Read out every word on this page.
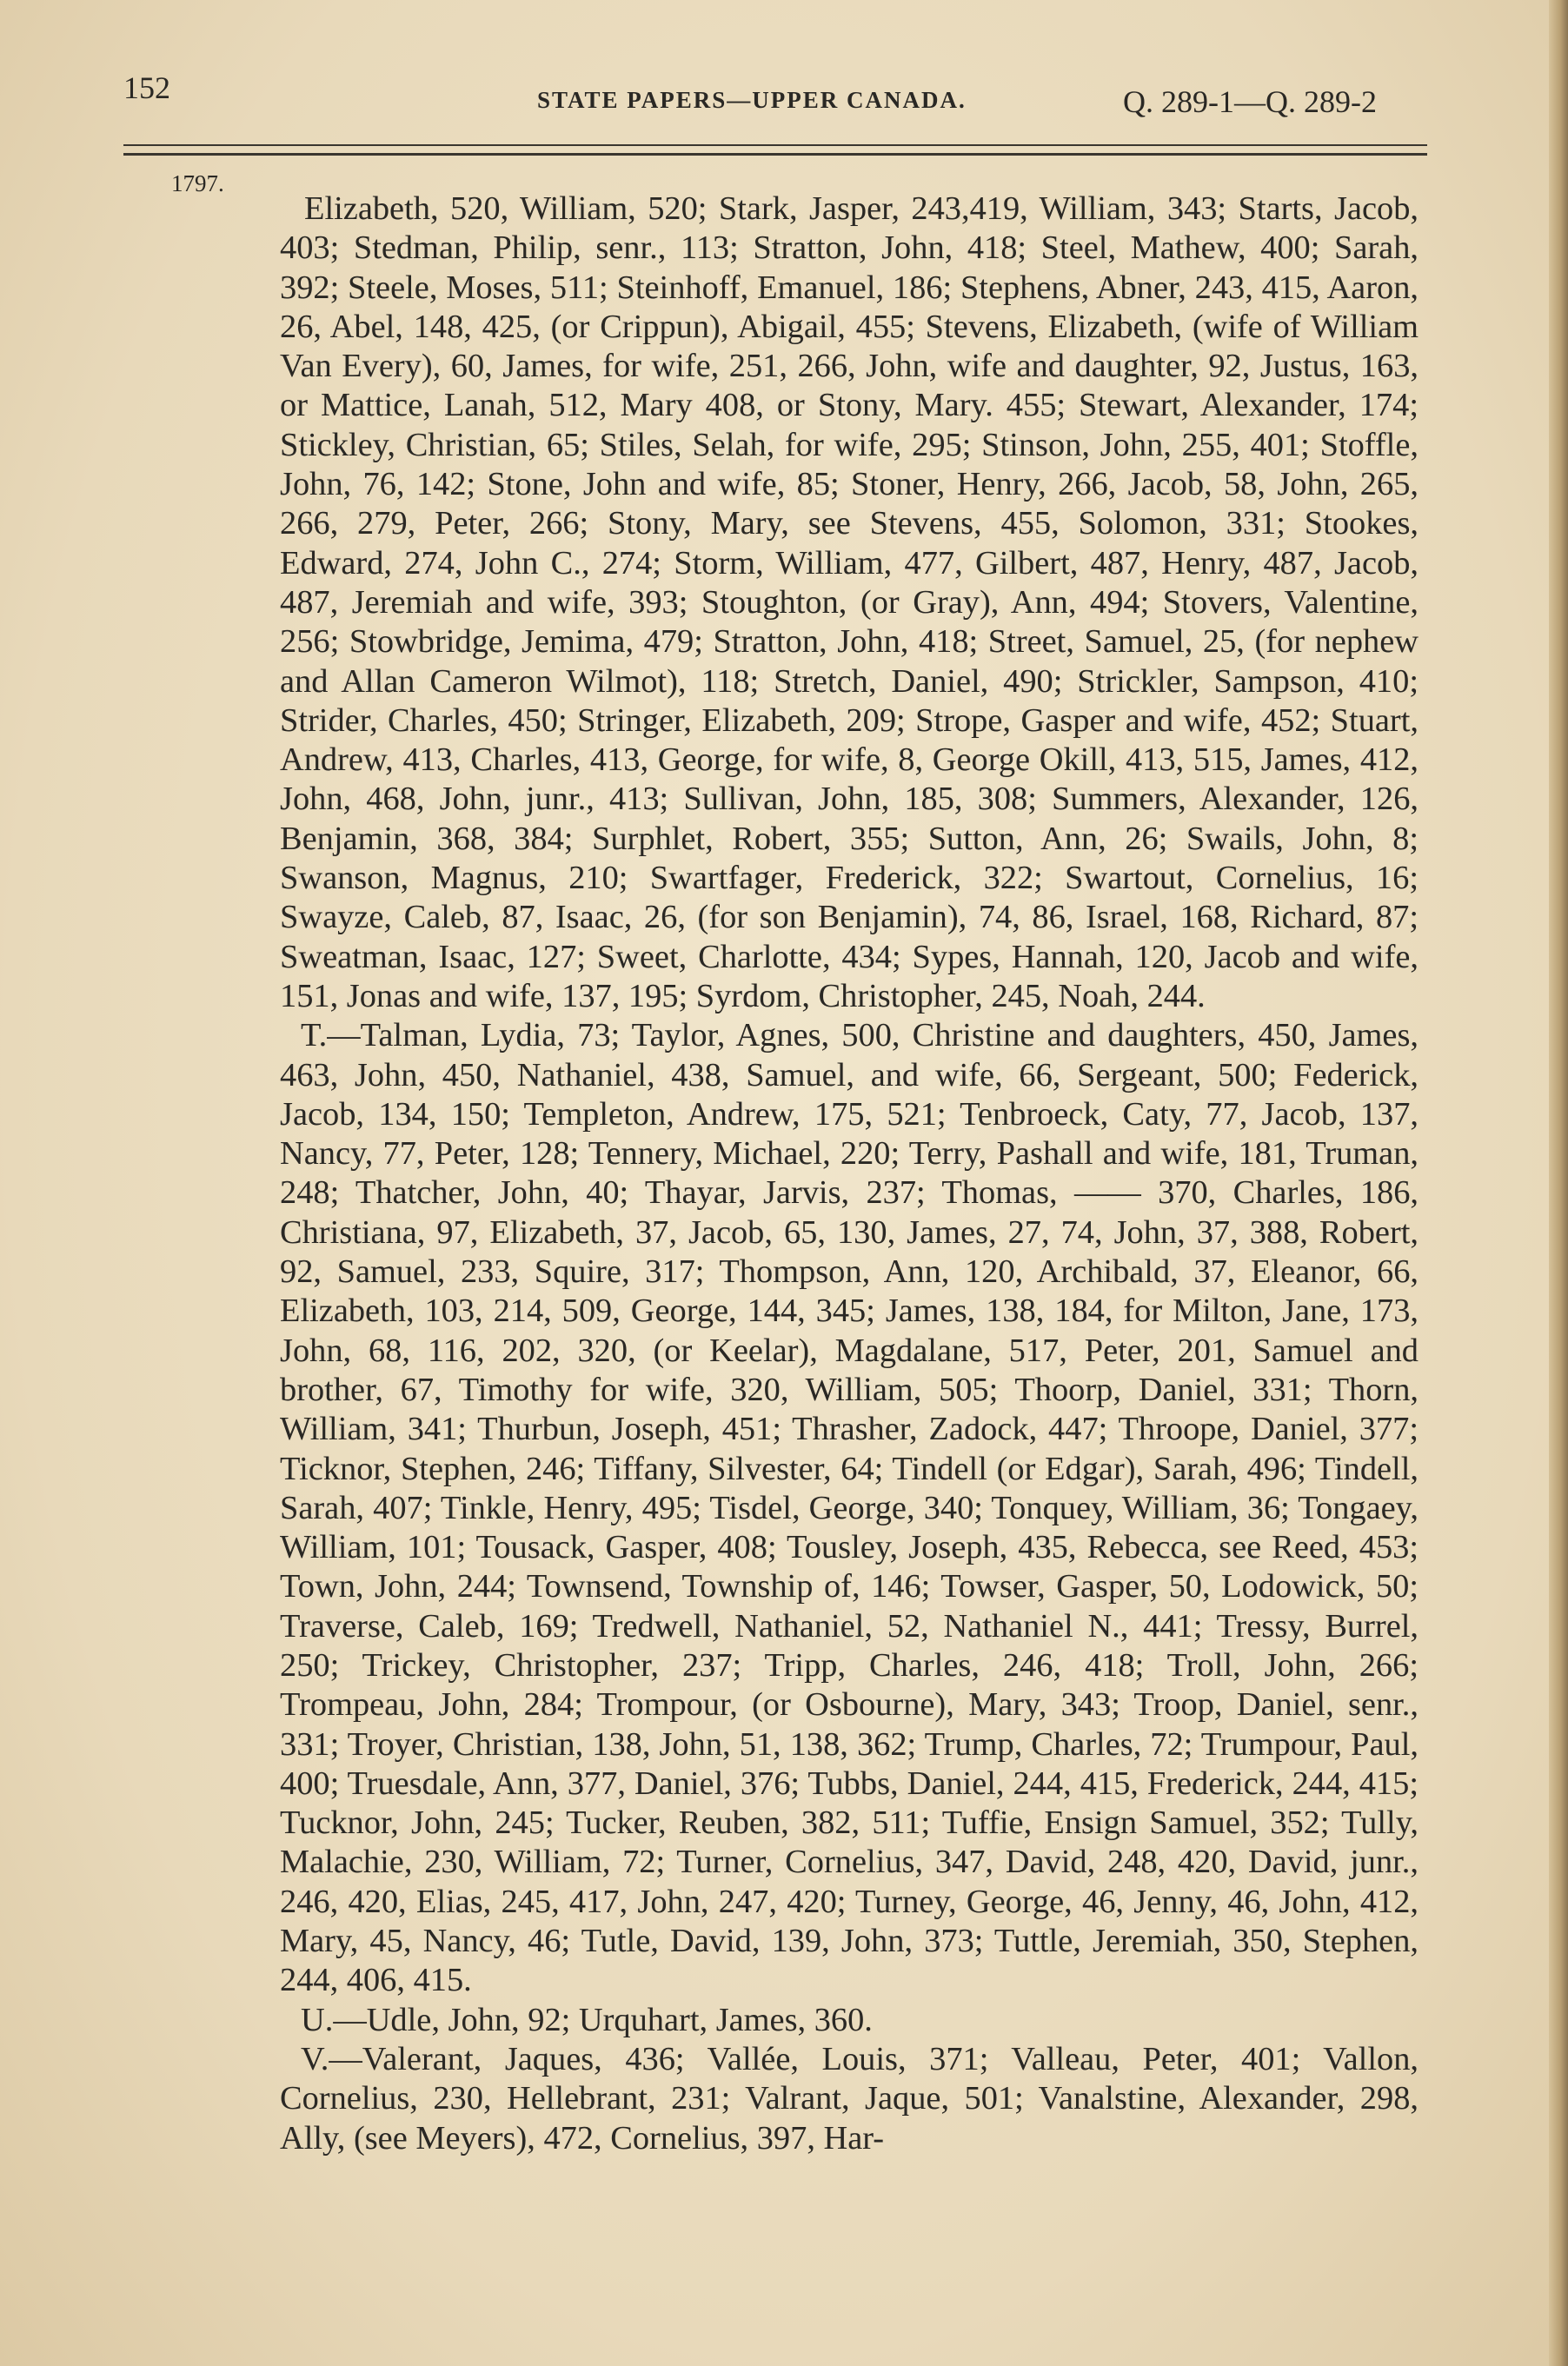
152	STATE PAPERS—UPPER CANADA.	Q. 289-1—Q. 289-2
1797.

Elizabeth, 520, William, 520; Stark, Jasper, 243,419, William, 343; Starts, Jacob, 403; Stedman, Philip, senr., 113; Stratton, John, 418; Steel, Mathew, 400; Sarah, 392; Steele, Moses, 511; Steinhoff, Emanuel, 186; Stephens, Abner, 243, 415, Aaron, 26, Abel, 148, 425, (or Crippun), Abigail, 455; Stevens, Elizabeth, (wife of William Van Every), 60, James, for wife, 251, 266, John, wife and daughter, 92, Justus, 163, or Mattice, Lanah, 512, Mary 408, or Stony, Mary. 455; Stewart, Alexander, 174; Stickley, Christian, 65; Stiles, Selah, for wife, 295; Stinson, John, 255, 401; Stoffle, John, 76, 142; Stone, John and wife, 85; Stoner, Henry, 266, Jacob, 58, John, 265, 266, 279, Peter, 266; Stony, Mary, see Stevens, 455, Solomon, 331; Stookes, Edward, 274, John C., 274; Storm, William, 477, Gilbert, 487, Henry, 487, Jacob, 487, Jeremiah and wife, 393; Stoughton, (or Gray), Ann, 494; Stovers, Valentine, 256; Stowbridge, Jemima, 479; Stratton, John, 418; Street, Samuel, 25, (for nephew and Allan Cameron Wilmot), 118; Stretch, Daniel, 490; Strickler, Sampson, 410; Strider, Charles, 450; Stringer, Elizabeth, 209; Strope, Gasper and wife, 452; Stuart, Andrew, 413, Charles, 413, George, for wife, 8, George Okill, 413, 515, James, 412, John, 468, John, junr., 413; Sullivan, John, 185, 308; Summers, Alexander, 126, Benjamin, 368, 384; Surphlet, Robert, 355; Sutton, Ann, 26; Swails, John, 8; Swanson, Magnus, 210; Swartfager, Frederick, 322; Swartout, Cornelius, 16; Swayze, Caleb, 87, Isaac, 26, (for son Benjamin), 74, 86, Israel, 168, Richard, 87; Sweatman, Isaac, 127; Sweet, Charlotte, 434; Sypes, Hannah, 120, Jacob and wife, 151, Jonas and wife, 137, 195; Syrdom, Christopher, 245, Noah, 244.

T.—Talman, Lydia, 73; Taylor, Agnes, 500, Christine and daughters, 450, James, 463, John, 450, Nathaniel, 438, Samuel, and wife, 66, Sergeant, 500; Federick, Jacob, 134, 150; Templeton, Andrew, 175, 521; Tenbroeck, Caty, 77, Jacob, 137, Nancy, 77, Peter, 128; Tennery, Michael, 220; Terry, Pashall and wife, 181, Truman, 248; Thatcher, John, 40; Thayar, Jarvis, 237; Thomas, —— 370, Charles, 186, Christiana, 97, Elizabeth, 37, Jacob, 65, 130, James, 27, 74, John, 37, 388, Robert, 92, Samuel, 233, Squire, 317; Thompson, Ann, 120, Archibald, 37, Eleanor, 66, Elizabeth, 103, 214, 509, George, 144, 345; James, 138, 184, for Milton, Jane, 173, John, 68, 116, 202, 320, (or Keelar), Magdalane, 517, Peter, 201, Samuel and brother, 67, Timothy for wife, 320, William, 505; Thoorp, Daniel, 331; Thorn, William, 341; Thurbun, Joseph, 451; Thrasher, Zadock, 447; Throope, Daniel, 377; Ticknor, Stephen, 246; Tiffany, Silvester, 64; Tindell (or Edgar), Sarah, 496; Tindell, Sarah, 407; Tinkle, Henry, 495; Tisdel, George, 340; Tonquey, William, 36; Tongaey, William, 101; Tousack, Gasper, 408; Tousley, Joseph, 435, Rebecca, see Reed, 453; Town, John, 244; Townsend, Township of, 146; Towser, Gasper, 50, Lodowick, 50; Traverse, Caleb, 169; Tredwell, Nathaniel, 52, Nathaniel N., 441; Tressy, Burrel, 250; Trickey, Christopher, 237; Tripp, Charles, 246, 418; Troll, John, 266; Trompeau, John, 284; Trompour, (or Osbourne), Mary, 343; Troop, Daniel, senr., 331; Troyer, Christian, 138, John, 51, 138, 362; Trump, Charles, 72; Trumpour, Paul, 400; Truesdale, Ann, 377, Daniel, 376; Tubbs, Daniel, 244, 415, Frederick, 244, 415; Tucknor, John, 245; Tucker, Reuben, 382, 511; Tuffie, Ensign Samuel, 352; Tully, Malachie, 230, William, 72; Turner, Cornelius, 347, David, 248, 420, David, junr., 246, 420, Elias, 245, 417, John, 247, 420; Turney, George, 46, Jenny, 46, John, 412, Mary, 45, Nancy, 46; Tutle, David, 139, John, 373; Tuttle, Jeremiah, 350, Stephen, 244, 406, 415.

U.—Udle, John, 92; Urquhart, James, 360.

V.—Valerant, Jaques, 436; Vallée, Louis, 371; Valleau, Peter, 401; Vallon, Cornelius, 230, Hellebrant, 231; Valrant, Jaque, 501; Vanalstine, Alexander, 298, Ally, (see Meyers), 472, Cornelius, 397, Har-
